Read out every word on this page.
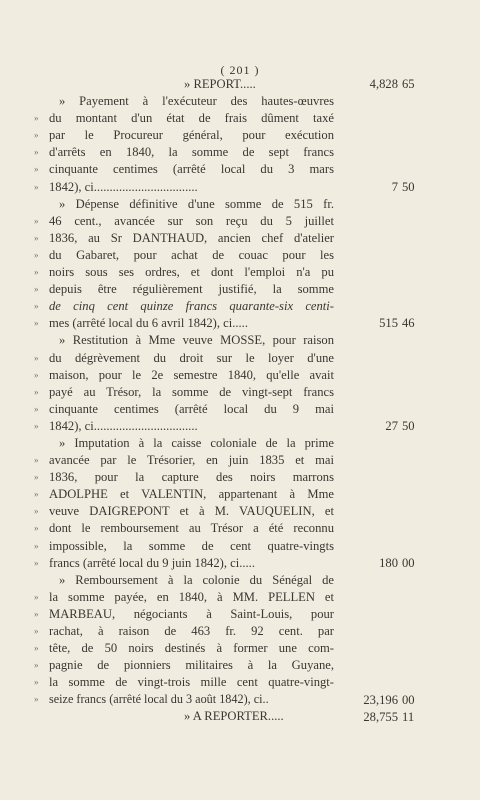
( 201 )
» REPORT.....
» Payement à l'exécuteur des hautes-œuvres
» du montant d'un état de frais dûment taxé
» par le Procureur général, pour exécution
» d'arrêts en 1840, la somme de sept francs
» cinquante centimes (arrêté local du 3 mars
» 1842), ci.................................
» Dépense définitive d'une somme de 515 fr.
» 46 cent., avancée sur son reçu du 5 juillet
» 1836, au Sr DANTHAUD, ancien chef d'atelier
» du Gabaret, pour achat de couac pour les
» noirs sous ses ordres, et dont l'emploi n'a pu
» depuis être régulièrement justifié, la somme
» de cinq cent quinze francs quarante-six centi-
» mes (arrêté local du 6 avril 1842), ci.....
» Restitution à Mme veuve MOSSE, pour raison
» du dégrèvement du droit sur le loyer d'une
» maison, pour le 2e semestre 1840, qu'elle avait
» payé au Trésor, la somme de vingt-sept francs
» cinquante centimes (arrêté local du 9 mai
» 1842), ci.................................
» Imputation à la caisse coloniale de la prime
» avancée par le Trésorier, en juin 1835 et mai
» 1836, pour la capture des noirs marrons
» ADOLPHE et VALENTIN, appartenant à Mme
» veuve DAIGREPONT et à M. VAUQUELIN, et
» dont le remboursement au Trésor a été reconnu
» impossible, la somme de cent quatre-vingts
» francs (arrêté local du 9 juin 1842), ci.....
» Remboursement à la colonie du Sénégal de
» la somme payée, en 1840, à MM. PELLEN et
» MARBEAU, négociants à Saint-Louis, pour
» rachat, à raison de 463 fr. 92 cent. par
» tête, de 50 noirs destinés à former une com-
» pagnie de pionniers militaires à la Guyane,
» la somme de vingt-trois mille cent quatre-vingt-
» seize francs (arrêté local du 3 août 1842), ci..
» A REPORTER.....
4,828 65
7 50
515 46
27 50
180 00
23,196 00
28,755 11
